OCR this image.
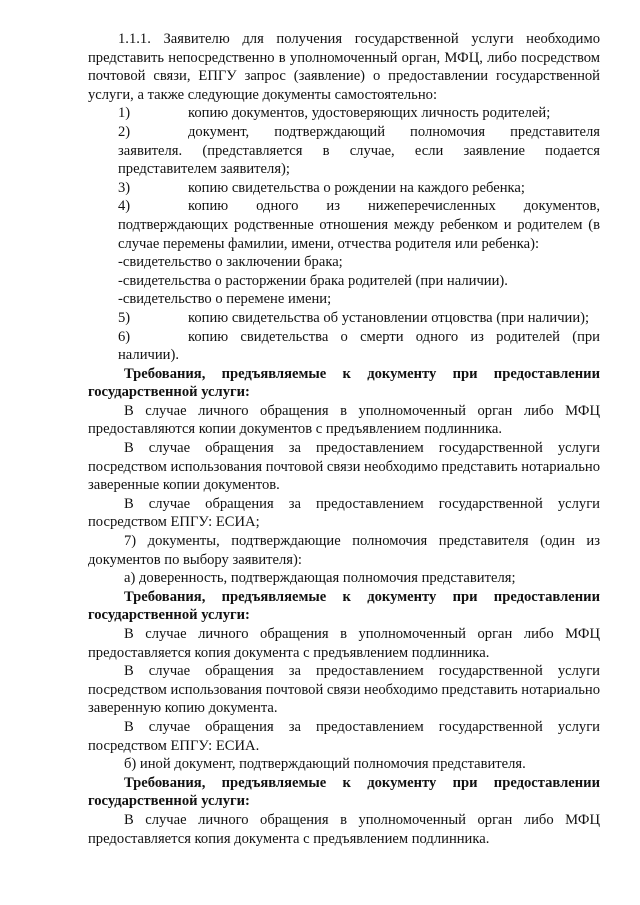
1.1.1. Заявителю для получения государственной услуги необходимо представить непосредственно в уполномоченный орган, МФЦ, либо посредством почтовой связи, ЕПГУ запрос (заявление) о предоставлении государственной услуги, а также следующие документы самостоятельно:

1)	копию документов, удостоверяющих личность родителей;

2)	документ, подтверждающий полномочия представителя заявителя. (представляется в случае, если заявление подается представителем заявителя);

3)	копию свидетельства о рождении на каждого ребенка;

4)	копию одного из нижеперечисленных документов, подтверждающих родственные отношения между ребенком и родителем (в случае перемены фамилии, имени, отчества родителя или ребенка):

-свидетельство о заключении брака;

-свидетельства о расторжении брака родителей (при наличии).

-свидетельство о перемене имени;

5)	копию свидетельства об установлении отцовства (при наличии);

6)	копию свидетельства о смерти одного из родителей (при наличии).

Требования, предъявляемые к документу при предоставлении государственной услуги:

В случае личного обращения в уполномоченный орган либо МФЦ предоставляются копии документов с предъявлением подлинника.

В случае обращения за предоставлением государственной услуги посредством использования почтовой связи необходимо представить нотариально заверенные копии документов.

В случае обращения за предоставлением государственной услуги посредством ЕПГУ: ЕСИА;

7) документы, подтверждающие полномочия представителя (один из документов по выбору заявителя):

а) доверенность, подтверждающая полномочия представителя;

Требования, предъявляемые к документу при предоставлении государственной услуги:

В случае личного обращения в уполномоченный орган либо МФЦ предоставляется копия документа с предъявлением подлинника.

В случае обращения за предоставлением государственной услуги посредством использования почтовой связи необходимо представить нотариально заверенную копию документа.

В случае обращения за предоставлением государственной услуги посредством ЕПГУ: ЕСИА.

б) иной документ, подтверждающий полномочия представителя.

Требования, предъявляемые к документу при предоставлении государственной услуги:

В случае личного обращения в уполномоченный орган либо МФЦ предоставляется копия документа с предъявлением подлинника.
